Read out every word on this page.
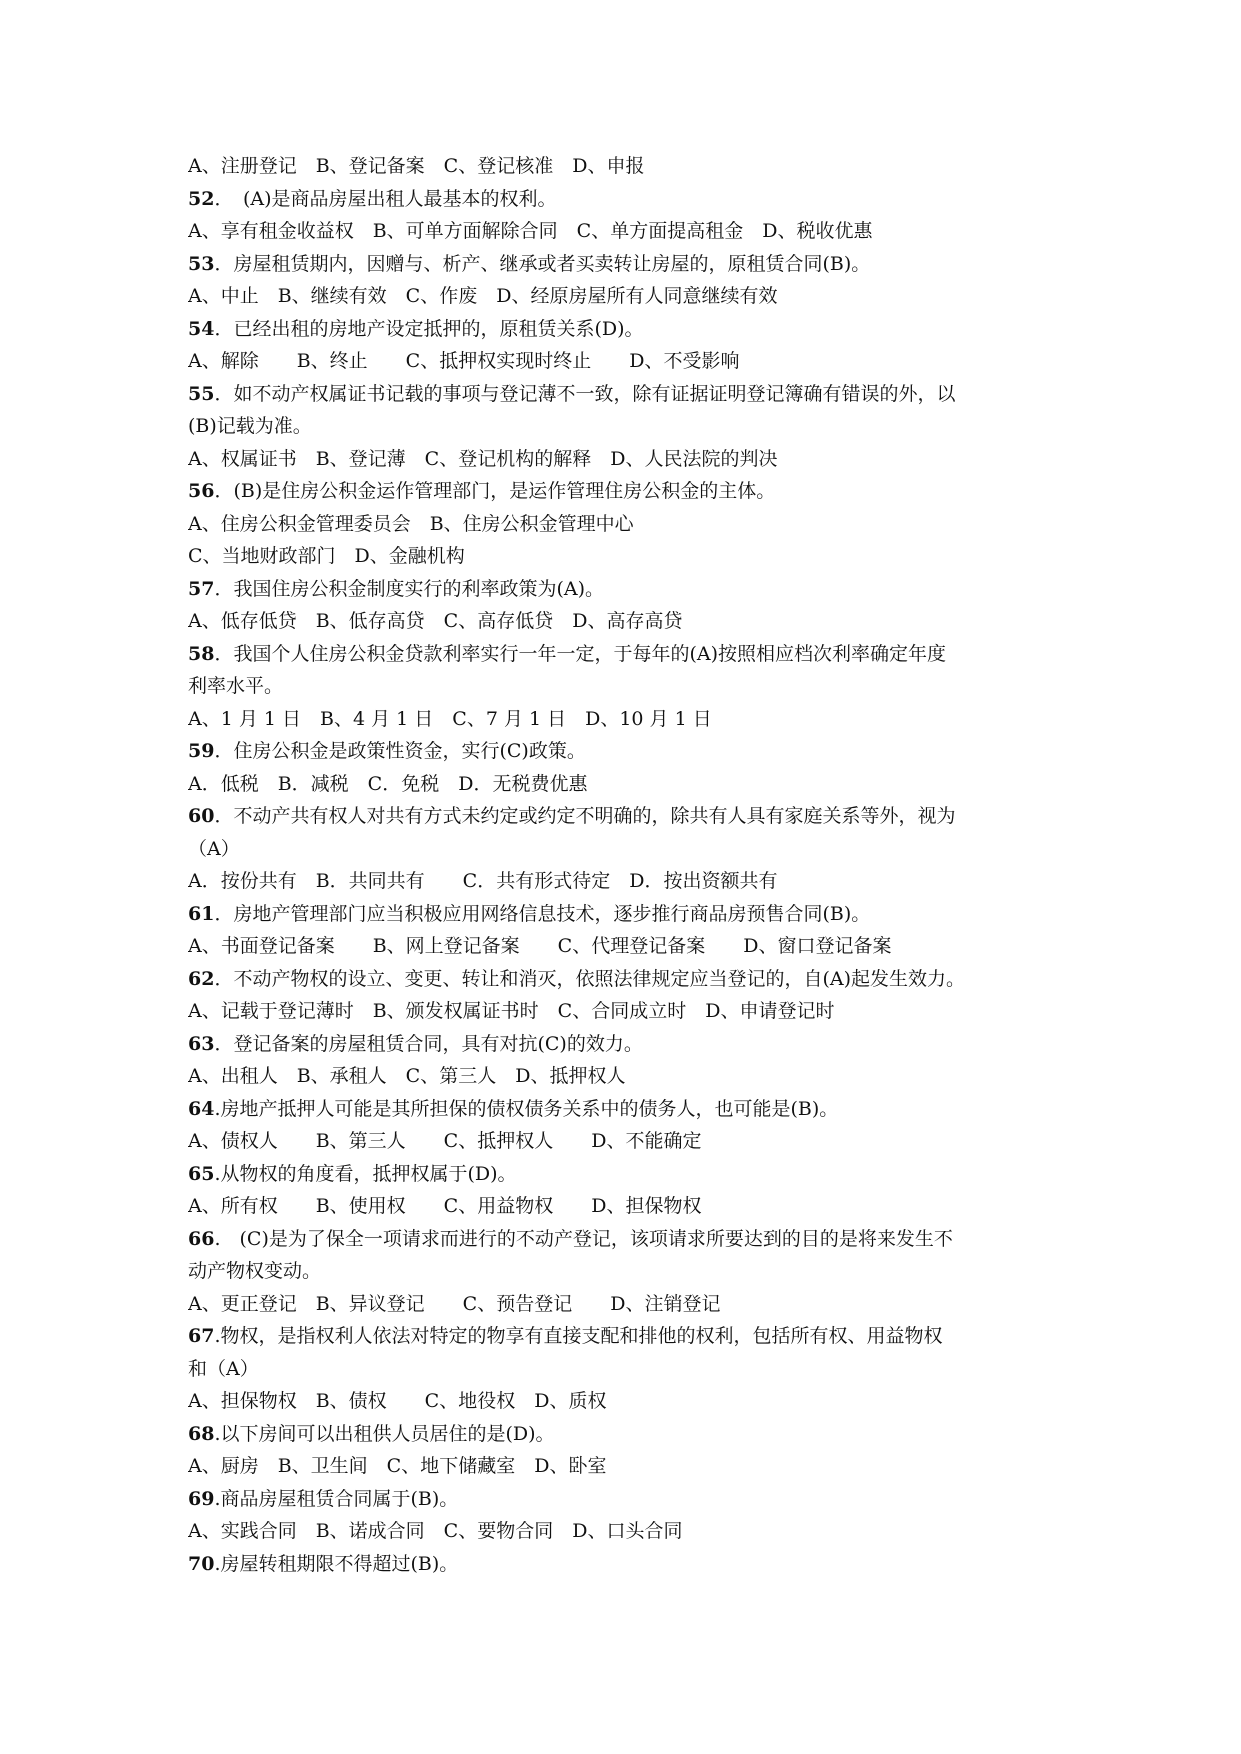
A、注册登记　B、登记备案　C、登记核准　D、申报
52．　(A)是商品房屋出租人最基本的权利。
A、享有租金收益权　B、可单方面解除合同　C、单方面提高租金　D、税收优惠
53．房屋租赁期内，因赠与、析产、继承或者买卖转让房屋的，原租赁合同(B)。
A、中止　B、继续有效　C、作废　D、经原房屋所有人同意继续有效
54．已经出租的房地产设定抵押的，原租赁关系(D)。
A、解除　　B、终止　　C、抵押权实现时终止　　D、不受影响
55．如不动产权属证书记载的事项与登记薄不一致，除有证据证明登记簿确有错误的外，以
(B)记载为准。
A、权属证书　B、登记薄　C、登记机构的解释　D、人民法院的判决
56．(B)是住房公积金运作管理部门，是运作管理住房公积金的主体。
A、住房公积金管理委员会　B、住房公积金管理中心
C、当地财政部门　D、金融机构
57．我国住房公积金制度实行的利率政策为(A)。
A、低存低贷　B、低存高贷　C、高存低贷　D、高存高贷
58．我国个人住房公积金贷款利率实行一年一定，于每年的(A)按照相应档次利率确定年度
利率水平。
A、1 月 1 日　B、4 月 1 日　C、7 月 1 日　D、10 月 1 日
59．住房公积金是政策性资金，实行(C)政策。
A．低税　B．减税　C．免税　D．无税费优惠
60．不动产共有权人对共有方式未约定或约定不明确的，除共有人具有家庭关系等外，视为
（A）
A．按份共有　B．共同共有　　C．共有形式待定　D．按出资额共有
61．房地产管理部门应当积极应用网络信息技术，逐步推行商品房预售合同(B)。
A、书面登记备案　　B、网上登记备案　　C、代理登记备案　　D、窗口登记备案
62．不动产物权的设立、变更、转让和消灭，依照法律规定应当登记的，自(A)起发生效力。
A、记载于登记薄时　B、颁发权属证书时　C、合同成立时　D、申请登记时
63．登记备案的房屋租赁合同，具有对抗(C)的效力。
A、出租人　B、承租人　C、第三人　D、抵押权人
64.房地产抵押人可能是其所担保的债权债务关系中的债务人，也可能是(B)。
A、债权人　　B、第三人　　C、抵押权人　　D、不能确定
65.从物权的角度看，抵押权属于(D)。
A、所有权　　B、使用权　　C、用益物权　　D、担保物权
66.　(C)是为了保全一项请求而进行的不动产登记，该项请求所要达到的目的是将来发生不
动产物权变动。
A、更正登记　B、异议登记　　C、预告登记　　D、注销登记
67.物权，是指权利人依法对特定的物享有直接支配和排他的权利，包括所有权、用益物权
和（A）
A、担保物权　B、债权　　C、地役权　D、质权
68.以下房间可以出租供人员居住的是(D)。
A、厨房　B、卫生间　C、地下储藏室　D、卧室
69.商品房屋租赁合同属于(B)。
A、实践合同　B、诺成合同　C、要物合同　D、口头合同
70.房屋转租期限不得超过(B)。
